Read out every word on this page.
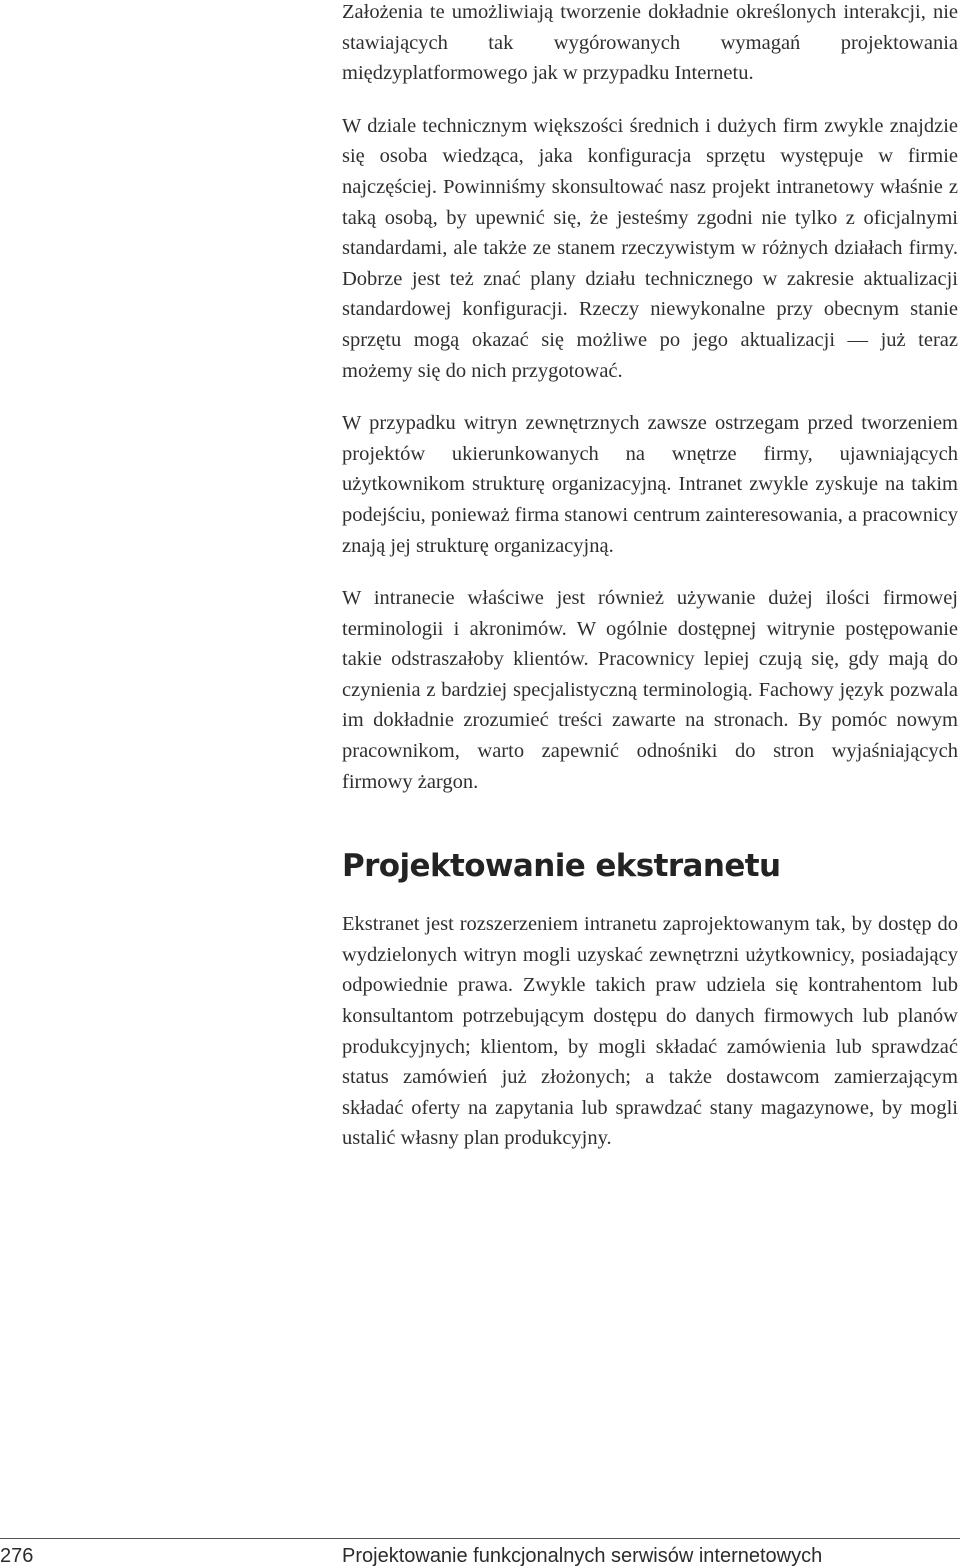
Założenia te umożliwiają tworzenie dokładnie określonych interakcji, nie stawiających tak wygórowanych wymagań projektowania międzyplatformowego jak w przypadku Internetu.

W dziale technicznym większości średnich i dużych firm zwykle znajdzie się osoba wiedząca, jaka konfiguracja sprzętu występuje w firmie najczęściej. Powinniśmy skonsultować nasz projekt intranetowy właśnie z taką osobą, by upewnić się, że jesteśmy zgodni nie tylko z oficjalnymi standardami, ale także ze stanem rzeczywistym w różnych działach firmy. Dobrze jest też znać plany działu technicznego w zakresie aktualizacji standardowej konfiguracji. Rzeczy niewykonalne przy obecnym stanie sprzętu mogą okazać się możliwe po jego aktualizacji — już teraz możemy się do nich przygotować.

W przypadku witryn zewnętrznych zawsze ostrzegam przed tworzeniem projektów ukierunkowanych na wnętrze firmy, ujawniających użytkownikom strukturę organizacyjną. Intranet zwykle zyskuje na takim podejściu, ponieważ firma stanowi centrum zainteresowania, a pracownicy znają jej strukturę organizacyjną.

W intranecie właściwe jest również używanie dużej ilości firmowej terminologii i akronimów. W ogólnie dostępnej witrynie postępowanie takie odstraszałoby klientów. Pracownicy lepiej czują się, gdy mają do czynienia z bardziej specjalistyczną terminologią. Fachowy język pozwala im dokładnie zrozumieć treści zawarte na stronach. By pomóc nowym pracownikom, warto zapewnić odnośniki do stron wyjaśniających firmowy żargon.

Projektowanie ekstranetu

Ekstranet jest rozszerzeniem intranetu zaprojektowanym tak, by dostęp do wydzielonych witryn mogli uzyskać zewnętrzni użytkownicy, posiadający odpowiednie prawa. Zwykle takich praw udziela się kontrahentom lub konsultantom potrzebującym dostępu do danych firmowych lub planów produkcyjnych; klientom, by mogli składać zamówienia lub sprawdzać status zamówień już złożonych; a także dostawcom zamierzającym składać oferty na zapytania lub sprawdzać stany magazynowe, by mogli ustalić własny plan produkcyjny.

276	Projektowanie funkcjonalnych serwisów internetowych
